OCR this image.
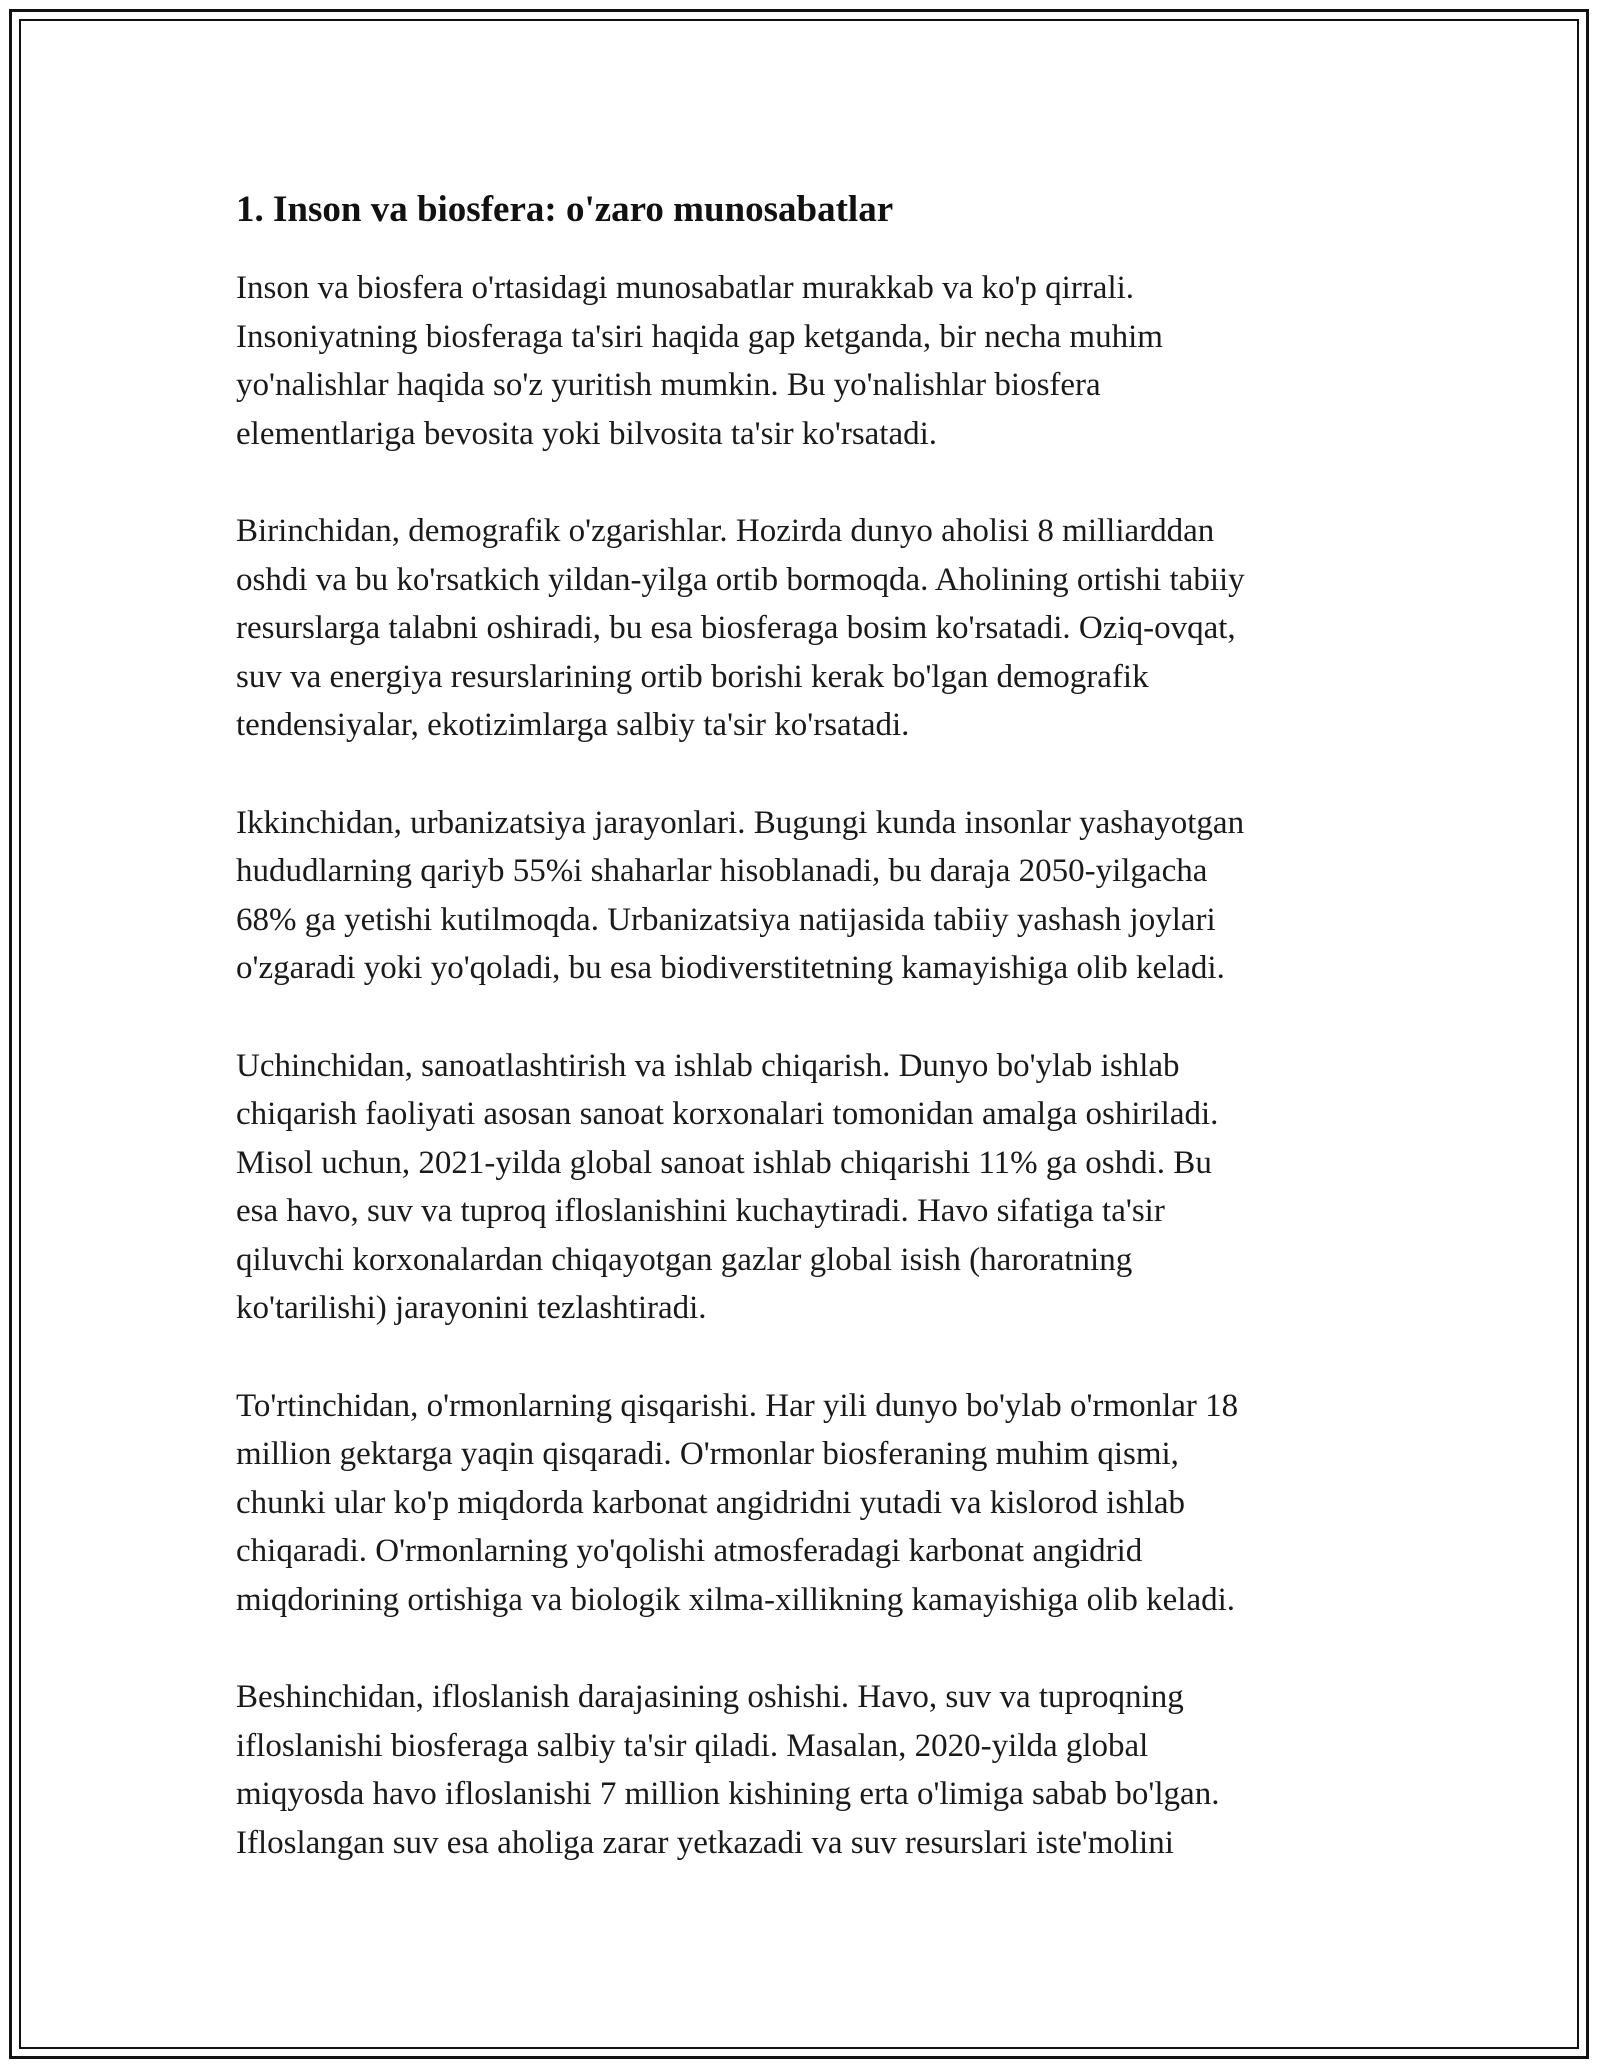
1. Inson va biosfera: o'zaro munosabatlar

Inson va biosfera o'rtasidagi munosabatlar murakkab va ko'p qirrali.
Insoniyatning biosferaga ta'siri haqida gap ketganda, bir necha muhim
yo'nalishlar haqida so'z yuritish mumkin. Bu yo'nalishlar biosfera
elementlariga bevosita yoki bilvosita ta'sir ko'rsatadi.

Birinchidan, demografik o'zgarishlar. Hozirda dunyo aholisi 8 milliarddan
oshdi va bu ko'rsatkich yildan-yilga ortib bormoqda. Aholining ortishi tabiiy
resurslarga talabni oshiradi, bu esa biosferaga bosim ko'rsatadi. Oziq-ovqat,
suv va energiya resurslarining ortib borishi kerak bo'lgan demografik
tendensiyalar, ekotizimlarga salbiy ta'sir ko'rsatadi.

Ikkinchidan, urbanizatsiya jarayonlari. Bugungi kunda insonlar yashayotgan
hududlarning qariyb 55%i shaharlar hisoblanadi, bu daraja 2050-yilgacha
68% ga yetishi kutilmoqda. Urbanizatsiya natijasida tabiiy yashash joylari
o'zgaradi yoki yo'qoladi, bu esa biodiverstitetning kamayishiga olib keladi.

Uchinchidan, sanoatlashtirish va ishlab chiqarish. Dunyo bo'ylab ishlab
chiqarish faoliyati asosan sanoat korxonalari tomonidan amalga oshiriladi.
Misol uchun, 2021-yilda global sanoat ishlab chiqarishi 11% ga oshdi. Bu
esa havo, suv va tuproq ifloslanishini kuchaytiradi. Havo sifatiga ta'sir
qiluvchi korxonalardan chiqayotgan gazlar global isish (haroratning
ko'tarilishi) jarayonini tezlashtiradi.

To'rtinchidan, o'rmonlarning qisqarishi. Har yili dunyo bo'ylab o'rmonlar 18
million gektarga yaqin qisqaradi. O'rmonlar biosferaning muhim qismi,
chunki ular ko'p miqdorda karbonat angidridni yutadi va kislorod ishlab
chiqaradi. O'rmonlarning yo'qolishi atmosferadagi karbonat angidrid
miqdorining ortishiga va biologik xilma-xillikning kamayishiga olib keladi.

Beshinchidan, ifloslanish darajasining oshishi. Havo, suv va tuproqning
ifloslanishi biosferaga salbiy ta'sir qiladi. Masalan, 2020-yilda global
miqyosda havo ifloslanishi 7 million kishining erta o'limiga sabab bo'lgan.
Ifloslangan suv esa aholiga zarar yetkazadi va suv resurslari iste'molini
